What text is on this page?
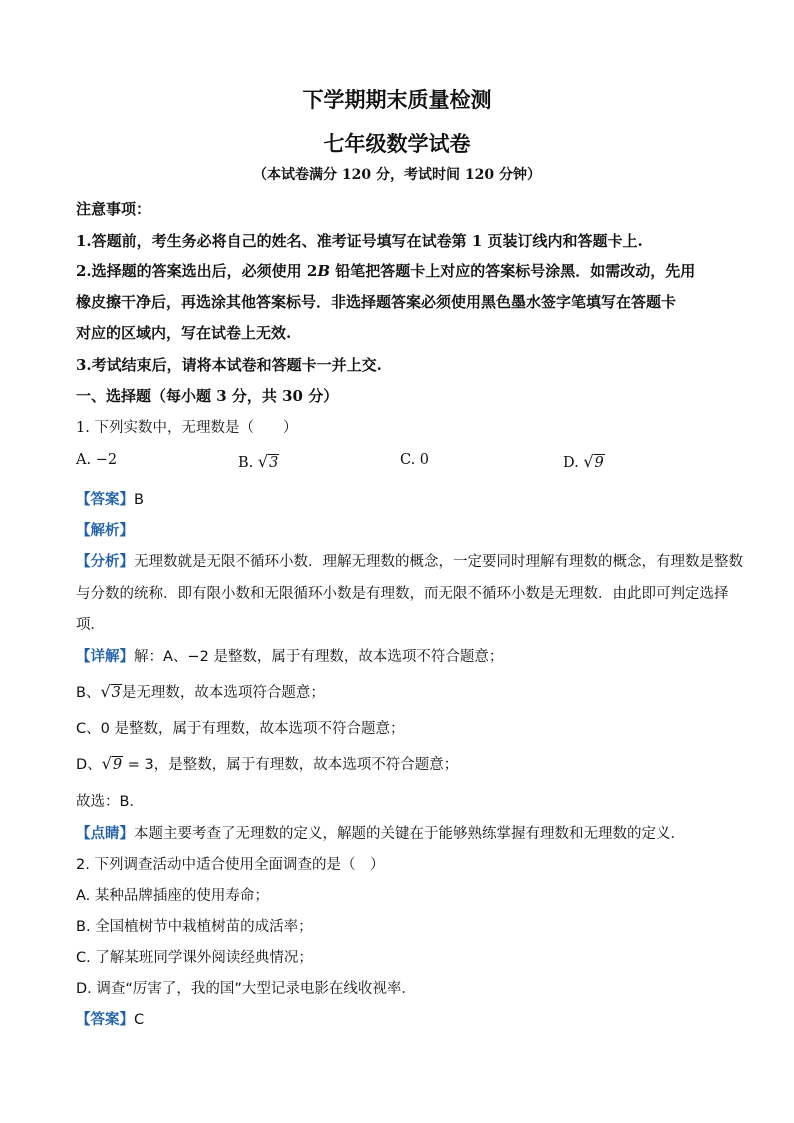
下学期期末质量检测
七年级数学试卷
（本试卷满分 120 分，考试时间 120 分钟）
注意事项：
1.答题前，考生务必将自己的姓名、准考证号填写在试卷第 1 页装订线内和答题卡上.
2.选择题的答案选出后，必须使用 2B 铅笔把答题卡上对应的答案标号涂黑．如需改动，先用
橡皮擦干净后，再选涂其他答案标号．非选择题答案必须使用黑色墨水签字笔填写在答题卡
对应的区域内，写在试卷上无效.
3.考试结束后，请将本试卷和答题卡一并上交.
一、选择题（每小题 3 分，共 30 分）
1. 下列实数中，无理数是（　　）
A. −2	B. √3	C. 0	D. √9
【答案】B
【解析】
【分析】无理数就是无限不循环小数．理解无理数的概念，一定要同时理解有理数的概念，有理数是整数
与分数的统称．即有限小数和无限循环小数是有理数，而无限不循环小数是无理数．由此即可判定选择
项．
【详解】解：A、−2 是整数，属于有理数，故本选项不符合题意；
B、√3是无理数，故本选项符合题意；
C、0 是整数，属于有理数，故本选项不符合题意；
D、√9 = 3，是整数，属于有理数，故本选项不符合题意；
故选：B．
【点睛】本题主要考查了无理数的定义，解题的关键在于能够熟练掌握有理数和无理数的定义．
2. 下列调查活动中适合使用全面调查的是（　）
A. 某种品牌插座的使用寿命；
B. 全国植树节中栽植树苗的成活率；
C. 了解某班同学课外阅读经典情况；
D. 调查“厉害了，我的国”大型记录电影在线收视率．
【答案】C
